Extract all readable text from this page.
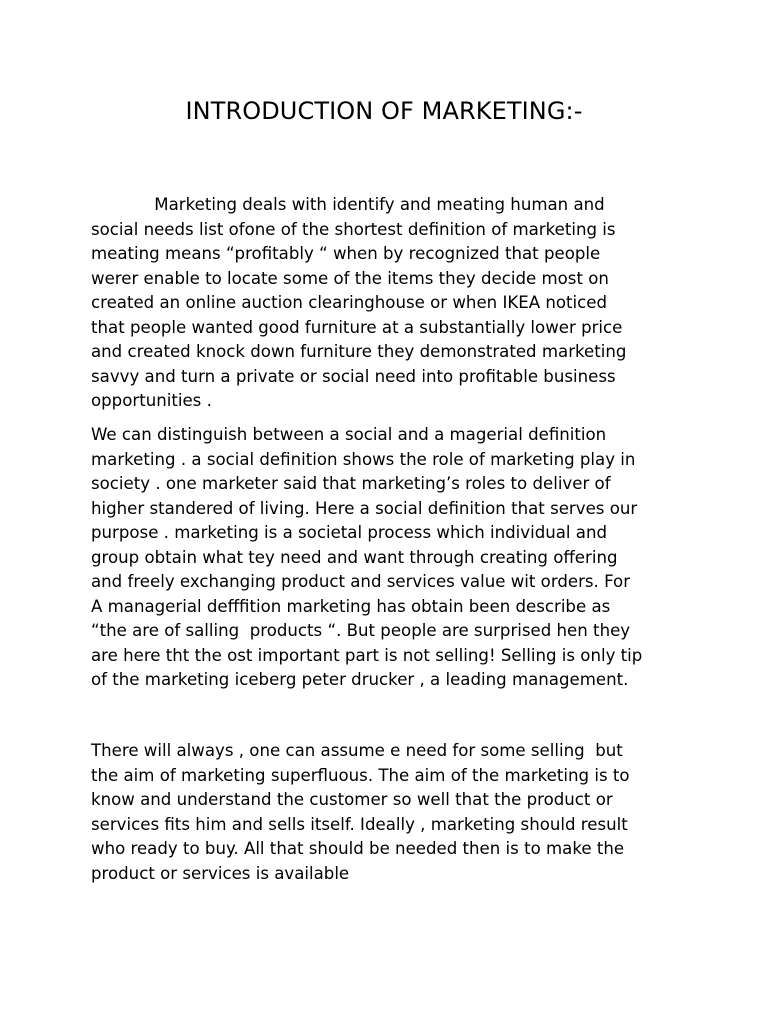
INTRODUCTION OF MARKETING:-

Marketing deals with identify and meating human and
social needs list ofone of the shortest definition of marketing is
meating means “profitably “ when by recognized that people
werer enable to locate some of the items they decide most on
created an online auction clearinghouse or when IKEA noticed
that people wanted good furniture at a substantially lower price
and created knock down furniture they demonstrated marketing
savvy and turn a private or social need into profitable business
opportunities .

We can distinguish between a social and a magerial definition
marketing . a social definition shows the role of marketing play in
society . one marketer said that marketing’s roles to deliver of
higher standered of living. Here a social definition that serves our
purpose . marketing is a societal process which individual and
group obtain what tey need and want through creating offering
and freely exchanging product and services value wit orders. For
A managerial defffition marketing has obtain been describe as
“the are of salling  products “. But people are surprised hen they
are here tht the ost important part is not selling! Selling is only tip
of the marketing iceberg peter drucker , a leading management.

There will always , one can assume e need for some selling  but
the aim of marketing superfluous. The aim of the marketing is to
know and understand the customer so well that the product or
services fits him and sells itself. Ideally , marketing should result
who ready to buy. All that should be needed then is to make the
product or services is available
